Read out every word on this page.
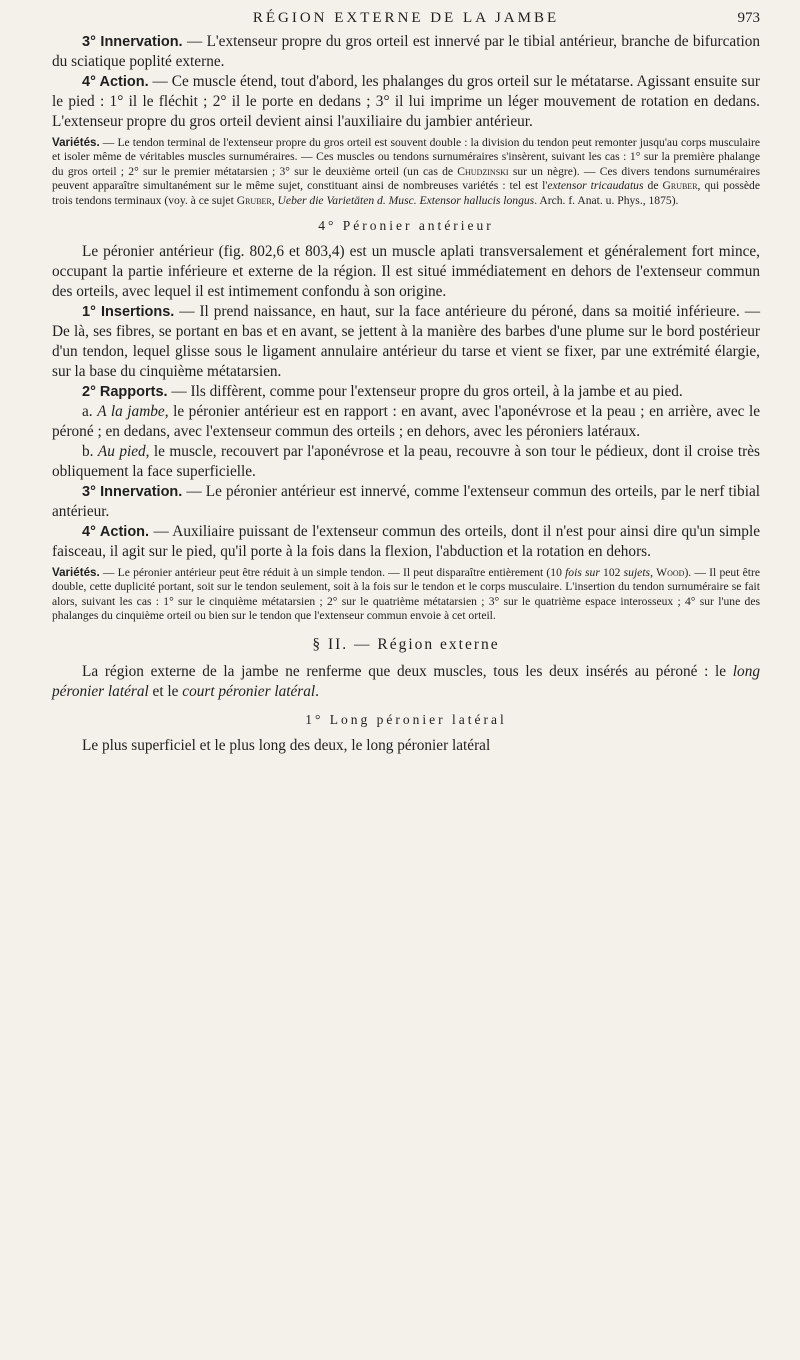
RÉGION EXTERNE DE LA JAMBE	973

3° Innervation. — L'extenseur propre du gros orteil est innervé par le tibial antérieur, branche de bifurcation du sciatique poplité externe.

4° Action. — Ce muscle étend, tout d'abord, les phalanges du gros orteil sur le métatarse. Agissant ensuite sur le pied : 1° il le fléchit ; 2° il le porte en dedans ; 3° il lui imprime un léger mouvement de rotation en dedans. L'extenseur propre du gros orteil devient ainsi l'auxiliaire du jambier antérieur.

Variétés. — Le tendon terminal de l'extenseur propre du gros orteil est souvent double : la division du tendon peut remonter jusqu'au corps musculaire et isoler même de véritables muscles surnuméraires. — Ces muscles ou tendons surnuméraires s'insèrent, suivant les cas : 1° sur la première phalange du gros orteil ; 2° sur le premier métatarsien ; 3° sur le deuxième orteil (un cas de Chudzinski sur un nègre). — Ces divers tendons surnuméraires peuvent apparaître simultanément sur le même sujet, constituant ainsi de nombreuses variétés : tel est l'extensor tricaudatus de Gruber, qui possède trois tendons terminaux (voy. à ce sujet Gruber, Ueber die Varietäten d. Musc. Extensor hallucis longus. Arch. f. Anat. u. Phys., 1875).

4° Péronier antérieur

Le péronier antérieur (fig. 802,6 et 803,4) est un muscle aplati transversalement et généralement fort mince, occupant la partie inférieure et externe de la région. Il est situé immédiatement en dehors de l'extenseur commun des orteils, avec lequel il est intimement confondu à son origine.

1° Insertions. — Il prend naissance, en haut, sur la face antérieure du péroné, dans sa moitié inférieure. — De là, ses fibres, se portant en bas et en avant, se jettent à la manière des barbes d'une plume sur le bord postérieur d'un tendon, lequel glisse sous le ligament annulaire antérieur du tarse et vient se fixer, par une extrémité élargie, sur la base du cinquième métatarsien.

2° Rapports. — Ils diffèrent, comme pour l'extenseur propre du gros orteil, à la jambe et au pied.

a. A la jambe, le péronier antérieur est en rapport : en avant, avec l'aponévrose et la peau ; en arrière, avec le péroné ; en dedans, avec l'extenseur commun des orteils ; en dehors, avec les péroniers latéraux.

b. Au pied, le muscle, recouvert par l'aponévrose et la peau, recouvre à son tour le pédieux, dont il croise très obliquement la face superficielle.

3° Innervation. — Le péronier antérieur est innervé, comme l'extenseur commun des orteils, par le nerf tibial antérieur.

4° Action. — Auxiliaire puissant de l'extenseur commun des orteils, dont il n'est pour ainsi dire qu'un simple faisceau, il agit sur le pied, qu'il porte à la fois dans la flexion, l'abduction et la rotation en dehors.

Variétés. — Le péronier antérieur peut être réduit à un simple tendon. — Il peut disparaître entièrement (10 fois sur 102 sujets, Wood). — Il peut être double, cette duplicité portant, soit sur le tendon seulement, soit à la fois sur le tendon et le corps musculaire. L'insertion du tendon surnuméraire se fait alors, suivant les cas : 1° sur le cinquième métatarsien ; 2° sur le quatrième métatarsien ; 3° sur le quatrième espace interosseux ; 4° sur l'une des phalanges du cinquième orteil ou bien sur le tendon que l'extenseur commun envoie à cet orteil.

§ II. — Région externe

La région externe de la jambe ne renferme que deux muscles, tous les deux insérés au péroné : le long péronier latéral et le court péronier latéral.

1° Long péronier latéral

Le plus superficiel et le plus long des deux, le long péronier latéral
